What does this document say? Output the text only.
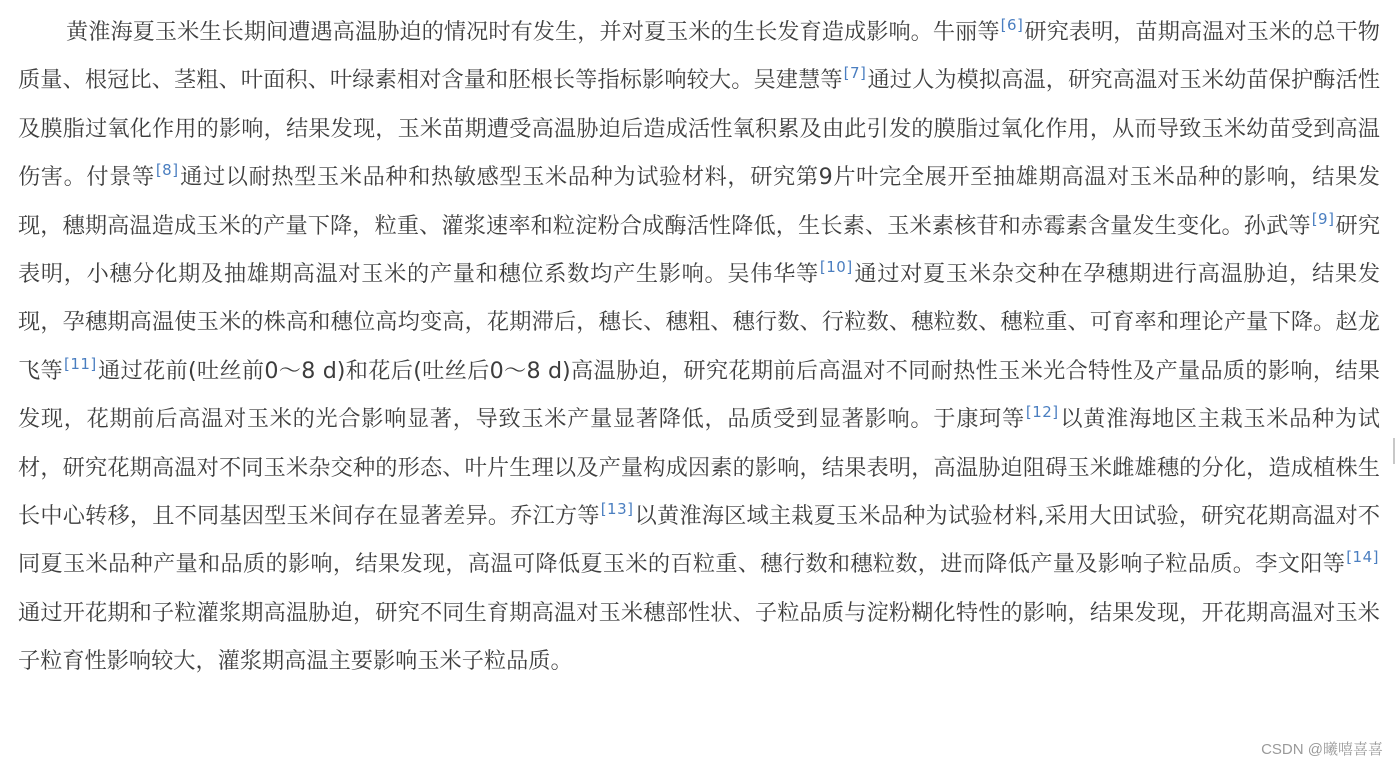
黄淮海夏玉米生长期间遭遇高温胁迫的情况时有发生，并对夏玉米的生长发育造成影响。牛丽等[6]研究表明，苗期高温对玉米的总干物质量、根冠比、茎粗、叶面积、叶绿素相对含量和胚根长等指标影响较大。吴建慧等[7]通过人为模拟高温，研究高温对玉米幼苗保护酶活性及膜脂过氧化作用的影响，结果发现，玉米苗期遭受高温胁迫后造成活性氧积累及由此引发的膜脂过氧化作用，从而导致玉米幼苗受到高温伤害。付景等[8]通过以耐热型玉米品种和热敏感型玉米品种为试验材料，研究第9片叶完全展开至抽雄期高温对玉米品种的影响，结果发现，穗期高温造成玉米的产量下降，粒重、灌浆速率和粒淀粉合成酶活性降低，生长素、玉米素核苷和赤霉素含量发生变化。孙武等[9]研究表明，小穗分化期及抽雄期高温对玉米的产量和穗位系数均产生影响。吴伟华等[10]通过对夏玉米杂交种在孕穗期进行高温胁迫，结果发现，孕穗期高温使玉米的株高和穗位高均变高，花期滞后，穗长、穗粗、穗行数、行粒数、穗粒数、穗粒重、可育率和理论产量下降。赵龙飞等[11]通过花前(吐丝前0～8 d)和花后(吐丝后0～8 d)高温胁迫，研究花期前后高温对不同耐热性玉米光合特性及产量品质的影响，结果发现，花期前后高温对玉米的光合影响显著，导致玉米产量显著降低，品质受到显著影响。于康珂等[12]以黄淮海地区主栽玉米品种为试材，研究花期高温对不同玉米杂交种的形态、叶片生理以及产量构成因素的影响，结果表明，高温胁迫阻碍玉米雌雄穗的分化，造成植株生长中心转移，且不同基因型玉米间存在显著差异。乔江方等[13]以黄淮海区域主栽夏玉米品种为试验材料,采用大田试验，研究花期高温对不同夏玉米品种产量和品质的影响，结果发现，高温可降低夏玉米的百粒重、穗行数和穗粒数，进而降低产量及影响子粒品质。李文阳等[14]通过开花期和子粒灌浆期高温胁迫，研究不同生育期高温对玉米穗部性状、子粒品质与淀粉糊化特性的影响，结果发现，开花期高温对玉米子粒育性影响较大，灌浆期高温主要影响玉米子粒品质。

CSDN @曦嘻喜喜
